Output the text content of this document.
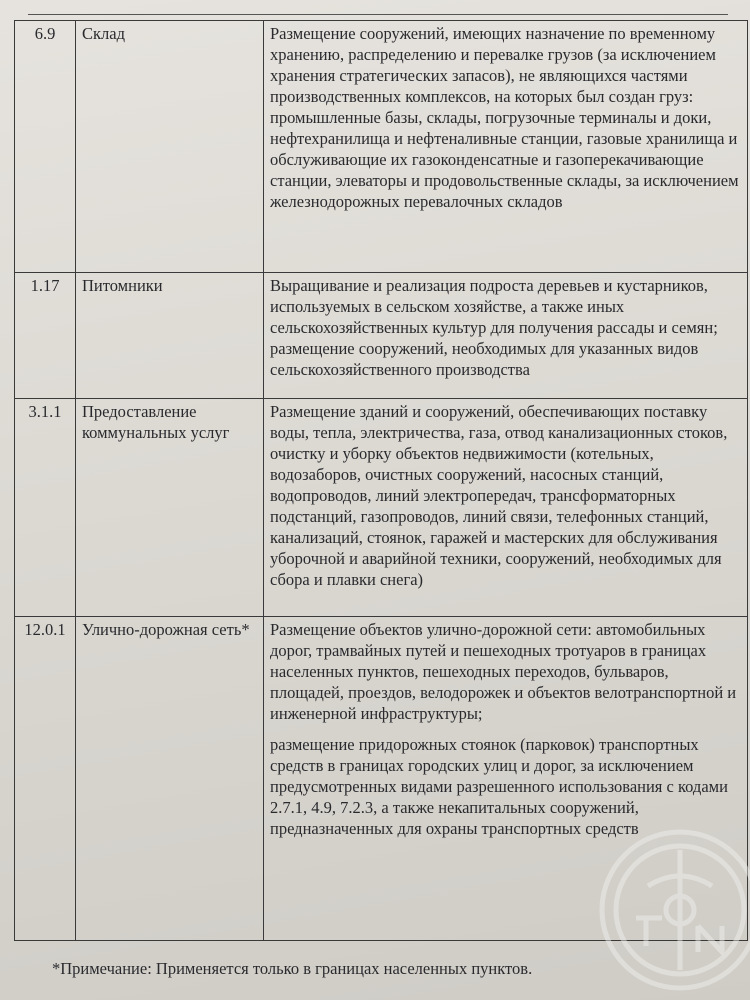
6.9	Склад	Размещение сооружений, имеющих назначение по временному хранению, распределению и перевалке грузов (за исключением хранения стратегических запасов), не являющихся частями производственных комплексов, на которых был создан груз: промышленные базы, склады, погрузочные терминалы и доки, нефтехранилища и нефтеналивные станции, газовые хранилища и обслуживающие их газоконденсатные и газоперекачивающие станции, элеваторы и продовольственные склады, за исключением железнодорожных перевалочных складов

1.17	Питомники	Выращивание и реализация подроста деревьев и кустарников, используемых в сельском хозяйстве, а также иных сельскохозяйственных культур для получения рассады и семян;
размещение сооружений, необходимых для указанных видов сельскохозяйственного производства

3.1.1	Предоставление коммунальных услуг	Размещение зданий и сооружений, обеспечивающих поставку воды, тепла, электричества, газа, отвод канализационных стоков, очистку и уборку объектов недвижимости (котельных, водозаборов, очистных сооружений, насосных станций, водопроводов, линий электропередач, трансформаторных подстанций, газопроводов, линий связи, телефонных станций, канализаций, стоянок, гаражей и мастерских для обслуживания уборочной и аварийной техники, сооружений, необходимых для сбора и плавки снега)

12.0.1	Улично-дорожная сеть*	Размещение объектов улично-дорожной сети: автомобильных дорог, трамвайных путей и пешеходных тротуаров в границах населенных пунктов, пешеходных переходов, бульваров, площадей, проездов, велодорожек и объектов велотранспортной и инженерной инфраструктуры;
размещение придорожных стоянок (парковок) транспортных средств в границах городских улиц и дорог, за исключением предусмотренных видами разрешенного использования с кодами 2.7.1, 4.9, 7.2.3, а также некапитальных сооружений, предназначенных для охраны транспортных средств
*Примечание: Применяется только в границах населенных пунктов.
